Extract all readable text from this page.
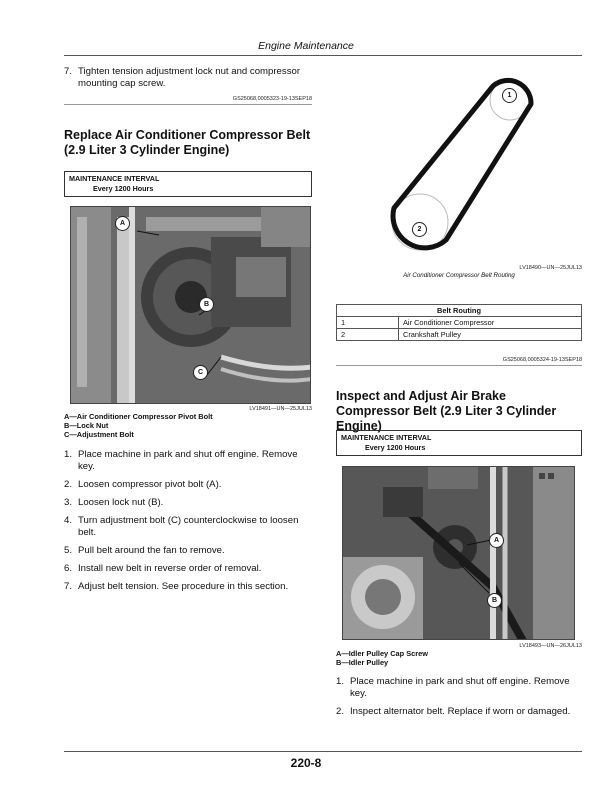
Engine Maintenance
7. Tighten tension adjustment lock nut and compressor mounting cap screw.
GS25068,0005323-19-13SEP18
Replace Air Conditioner Compressor Belt (2.9 Liter 3 Cylinder Engine)
MAINTENANCE INTERVAL
Every 1200 Hours
A
B
C
LV18491—UN—25JUL13
A—Air Conditioner Compressor Pivot Bolt
B—Lock Nut
C—Adjustment Bolt
1. Place machine in park and shut off engine. Remove key.
2. Loosen compressor pivot bolt (A).
3. Loosen lock nut (B).
4. Turn adjustment bolt (C) counterclockwise to loosen belt.
5. Pull belt around the fan to remove.
6. Install new belt in reverse order of removal.
7. Adjust belt tension. See procedure in this section.
1
2
LV18490—UN—25JUL13
Air Conditioner Compressor Belt Routing
Belt Routing	
1	Air Conditioner Compressor
2	Crankshaft Pulley
GS25068,0005324-19-13SEP18
Inspect and Adjust Air Brake Compressor Belt (2.9 Liter 3 Cylinder Engine)
MAINTENANCE INTERVAL
Every 1200 Hours
A
B
LV18493—UN—26JUL13
A—Idler Pulley Cap Screw
B—Idler Pulley
1. Place machine in park and shut off engine. Remove key.
2. Inspect alternator belt. Replace if worn or damaged.
220-8
